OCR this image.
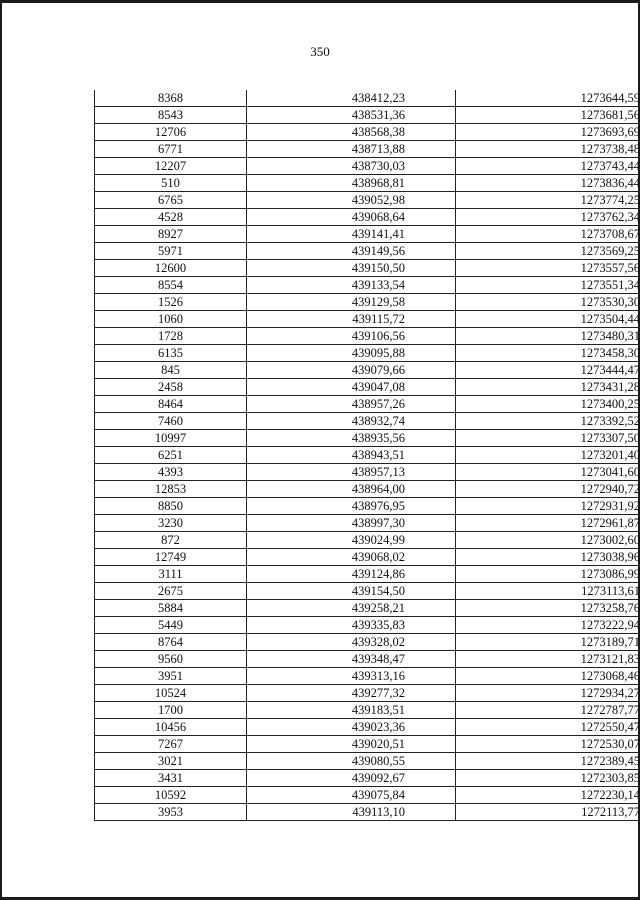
350
8368	438412,23	1273644,59
8543	438531,36	1273681,56
12706	438568,38	1273693,69
6771	438713,88	1273738,48
12207	438730,03	1273743,44
510	438968,81	1273836,44
6765	439052,98	1273774,25
4528	439068,64	1273762,34
8927	439141,41	1273708,67
5971	439149,56	1273569,25
12600	439150,50	1273557,56
8554	439133,54	1273551,34
1526	439129,58	1273530,30
1060	439115,72	1273504,44
1728	439106,56	1273480,31
6135	439095,88	1273458,30
845	439079,66	1273444,47
2458	439047,08	1273431,28
8464	438957,26	1273400,25
7460	438932,74	1273392,52
10997	438935,56	1273307,50
6251	438943,51	1273201,40
4393	438957,13	1273041,60
12853	438964,00	1272940,72
8850	438976,95	1272931,92
3230	438997,30	1272961,87
872	439024,99	1273002,60
12749	439068,02	1273038,96
3111	439124,86	1273086,99
2675	439154,50	1273113,61
5884	439258,21	1273258,76
5449	439335,83	1273222,94
8764	439328,02	1273189,71
9560	439348,47	1273121,83
3951	439313,16	1273068,46
10524	439277,32	1272934,27
1700	439183,51	1272787,77
10456	439023,36	1272550,47
7267	439020,51	1272530,07
3021	439080,55	1272389,45
3431	439092,67	1272303,85
10592	439075,84	1272230,14
3953	439113,10	1272113,77
